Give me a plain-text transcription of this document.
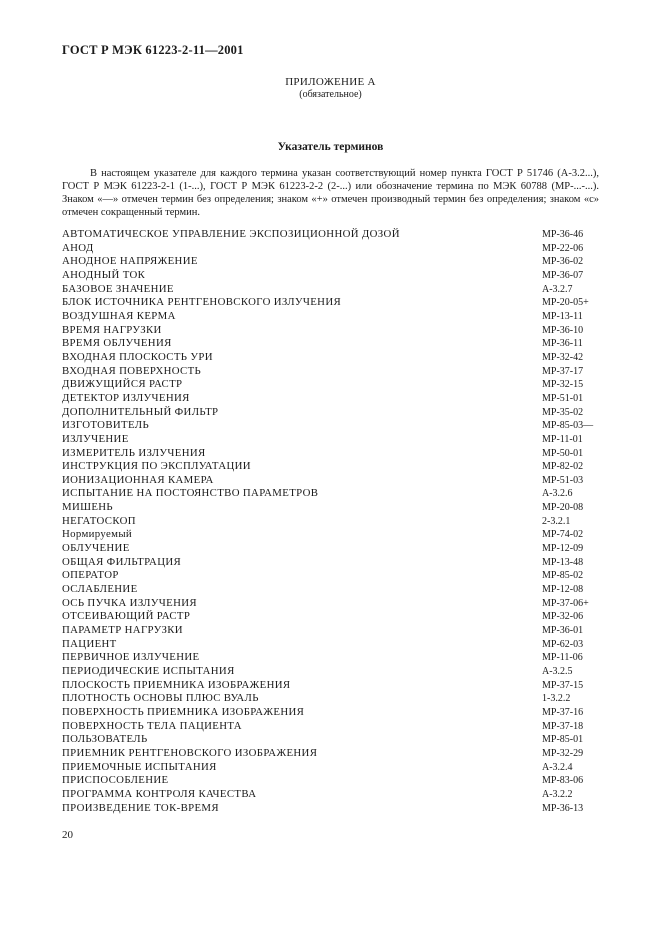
ГОСТ Р МЭК 61223-2-11—2001
ПРИЛОЖЕНИЕ А
(обязательное)
Указатель терминов
В настоящем указателе для каждого термина указан соответствующий номер пункта ГОСТ Р 51746 (А-3.2...), ГОСТ Р МЭК 61223-2-1 (1-...), ГОСТ Р МЭК 61223-2-2 (2-...) или обозначение термина по МЭК 60788 (МР-...-...). Знаком «—» отмечен термин без определения; знаком «+» отмечен производный термин без определения; знаком «с» отмечен сокращенный термин.
АВТОМАТИЧЕСКОЕ УПРАВЛЕНИЕ ЭКСПОЗИЦИОННОЙ ДОЗОЙ	МР-36-46
АНОД	МР-22-06
АНОДНОЕ НАПРЯЖЕНИЕ	МР-36-02
АНОДНЫЙ ТОК	МР-36-07
БАЗОВОЕ ЗНАЧЕНИЕ	А-3.2.7
БЛОК ИСТОЧНИКА РЕНТГЕНОВСКОГО ИЗЛУЧЕНИЯ	МР-20-05+
ВОЗДУШНАЯ КЕРМА	МР-13-11
ВРЕМЯ НАГРУЗКИ	МР-36-10
ВРЕМЯ ОБЛУЧЕНИЯ	МР-36-11
ВХОДНАЯ ПЛОСКОСТЬ УРИ	МР-32-42
ВХОДНАЯ ПОВЕРХНОСТЬ	МР-37-17
ДВИЖУЩИЙСЯ РАСТР	МР-32-15
ДЕТЕКТОР ИЗЛУЧЕНИЯ	МР-51-01
ДОПОЛНИТЕЛЬНЫЙ ФИЛЬТР	МР-35-02
ИЗГОТОВИТЕЛЬ	МР-85-03—
ИЗЛУЧЕНИЕ	МР-11-01
ИЗМЕРИТЕЛЬ ИЗЛУЧЕНИЯ	МР-50-01
ИНСТРУКЦИЯ ПО ЭКСПЛУАТАЦИИ	МР-82-02
ИОНИЗАЦИОННАЯ КАМЕРА	МР-51-03
ИСПЫТАНИЕ НА ПОСТОЯНСТВО ПАРАМЕТРОВ	А-3.2.6
МИШЕНЬ	МР-20-08
НЕГАТОСКОП	2-3.2.1
Нормируемый	МР-74-02
ОБЛУЧЕНИЕ	МР-12-09
ОБЩАЯ ФИЛЬТРАЦИЯ	МР-13-48
ОПЕРАТОР	МР-85-02
ОСЛАБЛЕНИЕ	МР-12-08
ОСЬ ПУЧКА ИЗЛУЧЕНИЯ	МР-37-06+
ОТСЕИВАЮЩИЙ РАСТР	МР-32-06
ПАРАМЕТР НАГРУЗКИ	МР-36-01
ПАЦИЕНТ	МР-62-03
ПЕРВИЧНОЕ ИЗЛУЧЕНИЕ	МР-11-06
ПЕРИОДИЧЕСКИЕ ИСПЫТАНИЯ	А-3.2.5
ПЛОСКОСТЬ ПРИЕМНИКА ИЗОБРАЖЕНИЯ	МР-37-15
ПЛОТНОСТЬ ОСНОВЫ ПЛЮС ВУАЛЬ	1-3.2.2
ПОВЕРХНОСТЬ ПРИЕМНИКА ИЗОБРАЖЕНИЯ	МР-37-16
ПОВЕРХНОСТЬ ТЕЛА ПАЦИЕНТА	МР-37-18
ПОЛЬЗОВАТЕЛЬ	МР-85-01
ПРИЕМНИК РЕНТГЕНОВСКОГО ИЗОБРАЖЕНИЯ	МР-32-29
ПРИЕМОЧНЫЕ ИСПЫТАНИЯ	А-3.2.4
ПРИСПОСОБЛЕНИЕ	МР-83-06
ПРОГРАММА КОНТРОЛЯ КАЧЕСТВА	А-3.2.2
ПРОИЗВЕДЕНИЕ ТОК-ВРЕМЯ	МР-36-13
20
